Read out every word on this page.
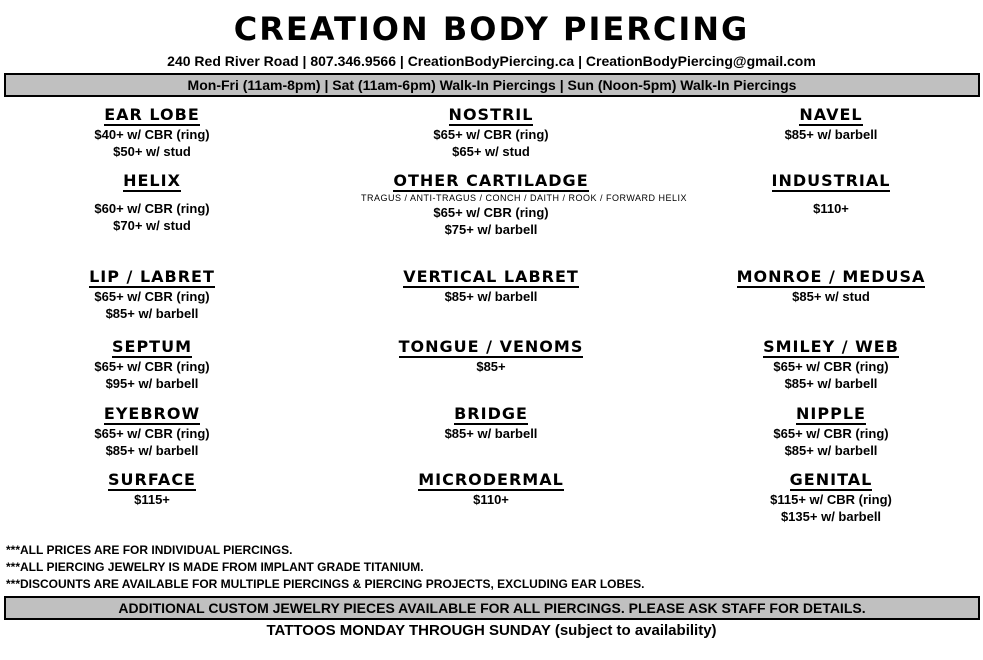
CREATION BODY PIERCING
240 Red River Road | 807.346.9566 | CreationBodyPiercing.ca | CreationBodyPiercing@gmail.com
Mon-Fri (11am-8pm) | Sat (11am-6pm) Walk-In Piercings | Sun (Noon-5pm) Walk-In Piercings
EAR LOBE
$40+ w/ CBR (ring)
$50+ w/ stud
NOSTRIL
$65+ w/ CBR (ring)
$65+ w/ stud
NAVEL
$85+ w/ barbell
HELIX
$60+ w/ CBR (ring)
$70+ w/ stud
OTHER CARTILADGE
TRAGUS / ANTI-TRAGUS / CONCH / DAITH / ROOK / FORWARD HELIX
$65+ w/ CBR (ring)
$75+ w/ barbell
INDUSTRIAL
$110+
LIP / LABRET
$65+ w/ CBR (ring)
$85+ w/ barbell
VERTICAL LABRET
$85+ w/ barbell
MONROE / MEDUSA
$85+ w/ stud
SEPTUM
$65+ w/ CBR (ring)
$95+ w/ barbell
TONGUE / VENOMS
$85+
SMILEY / WEB
$65+ w/ CBR (ring)
$85+ w/ barbell
EYEBROW
$65+ w/ CBR (ring)
$85+ w/ barbell
BRIDGE
$85+ w/ barbell
NIPPLE
$65+ w/ CBR (ring)
$85+ w/ barbell
SURFACE
$115+
MICRODERMAL
$110+
GENITAL
$115+ w/ CBR (ring)
$135+ w/ barbell
***ALL PRICES ARE FOR INDIVIDUAL PIERCINGS.
***ALL PIERCING JEWELRY IS MADE FROM IMPLANT GRADE TITANIUM.
***DISCOUNTS ARE AVAILABLE FOR MULTIPLE PIERCINGS & PIERCING PROJECTS, EXCLUDING EAR LOBES.
ADDITIONAL CUSTOM JEWELRY PIECES AVAILABLE FOR ALL PIERCINGS. PLEASE ASK STAFF FOR DETAILS.
TATTOOS MONDAY THROUGH SUNDAY (subject to availability)
